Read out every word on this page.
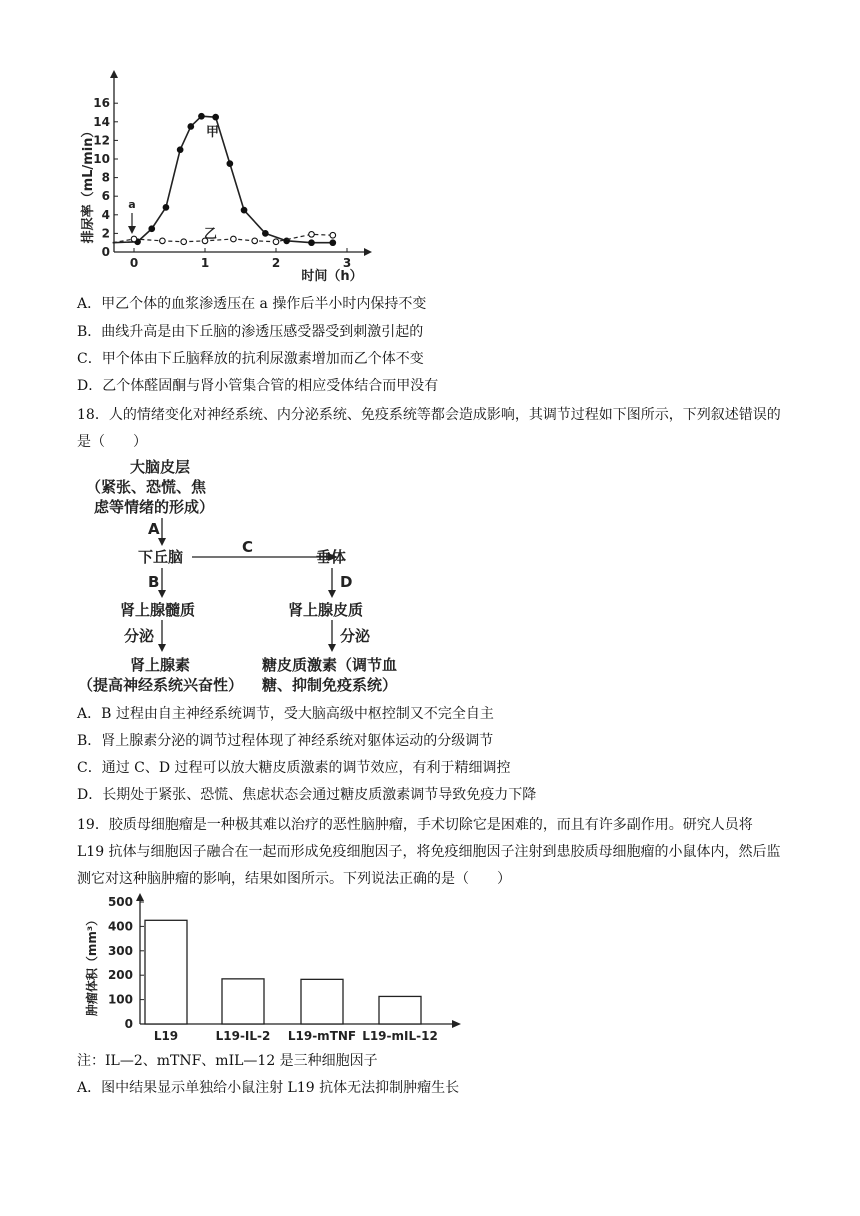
0
2
4
6
8
10
12
14
16
0	1	2	3
排尿率（mL/min）
时间（h）
a
甲
乙
A．甲乙个体的血浆渗透压在 a 操作后半小时内保持不变
B．曲线升高是由下丘脑的渗透压感受器受到刺激引起的
C．甲个体由下丘脑释放的抗利尿激素增加而乙个体不变
D．乙个体醛固酮与肾小管集合管的相应受体结合而甲没有
18．人的情绪变化对神经系统、内分泌系统、免疫系统等都会造成影响，其调节过程如下图所示，下列叙述错误的是（　　）
大脑皮层
（紧张、恐慌、焦
虑等情绪的形成）
A
下丘脑
C
垂体
B	D
肾上腺髓质	肾上腺皮质
分泌	分泌
肾上腺素
（提高神经系统兴奋性）
糖皮质激素（调节血
糖、抑制免疫系统）
A．B 过程由自主神经系统调节，受大脑高级中枢控制又不完全自主
B．肾上腺素分泌的调节过程体现了神经系统对躯体运动的分级调节
C．通过 C、D 过程可以放大糖皮质激素的调节效应，有利于精细调控
D．长期处于紧张、恐慌、焦虑状态会通过糖皮质激素调节导致免疫力下降
19．胶质母细胞瘤是一种极其难以治疗的恶性脑肿瘤，手术切除它是困难的，而且有许多副作用。研究人员将 L19 抗体与细胞因子融合在一起而形成免疫细胞因子，将免疫细胞因子注射到患胶质母细胞瘤的小鼠体内，然后监测它对这种脑肿瘤的影响，结果如图所示。下列说法正确的是（　　）
0
100
200
300
400
500
L19	L19-IL-2 L19-mTNF L19-mIL-12
肿瘤体积（mm³）
注：IL—2、mTNF、mIL—12 是三种细胞因子
A．图中结果显示单独给小鼠注射 L19 抗体无法抑制肿瘤生长
